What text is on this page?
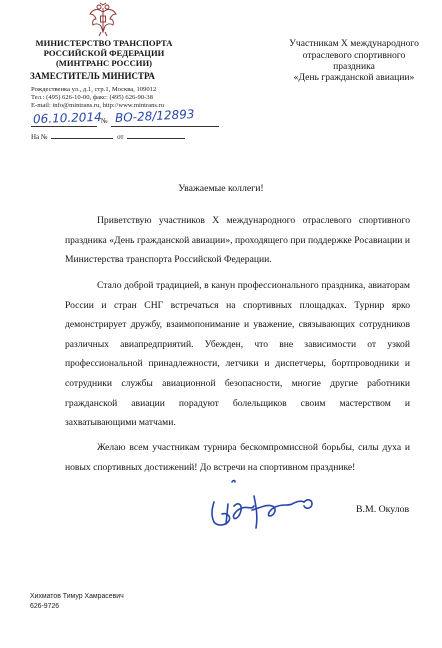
МИНИСТЕРСТВО ТРАНСПОРТА
РОССИЙСКОЙ ФЕДЕРАЦИИ
(МИНТРАНС РОССИИ)
ЗАМЕСТИТЕЛЬ МИНИСТРА
Рождественка ул., д.1, стр.1, Москва, 109012
Тел.: (495) 626-10-00, факс: (495) 626-90-38
E-mail: info@mintrans.ru, http://www.mintrans.ru
06.10.2014 № ВО-28/12893
На №	от
Участникам X международного
отраслевого спортивного
праздника
«День гражданской авиации»
Уважаемые коллеги!

Приветствую участников X международного отраслевого спортивного праздника «День гражданской авиации», проходящего при поддержке Росавиации и Министерства транспорта Российской Федерации.

Стало доброй традицией, в канун профессионального праздника, авиаторам России и стран СНГ встречаться на спортивных площадках. Турнир ярко демонстрирует дружбу, взаимопонимание и уважение, связывающих сотрудников различных авиапредприятий. Убежден, что вне зависимости от узкой профессиональной принадлежности, летчики и диспетчеры, бортпроводники и сотрудники службы авиационной безопасности, многие другие работники гражданской авиации порадуют болельщиков своим мастерством и захватывающими матчами.

Желаю всем участникам турнира бескомпромиссной борьбы, силы духа и новых спортивных достижений! До встречи на спортивном празднике!

В.М. Окулов
Хихматов Тимур Хамрасевич
626-9726
